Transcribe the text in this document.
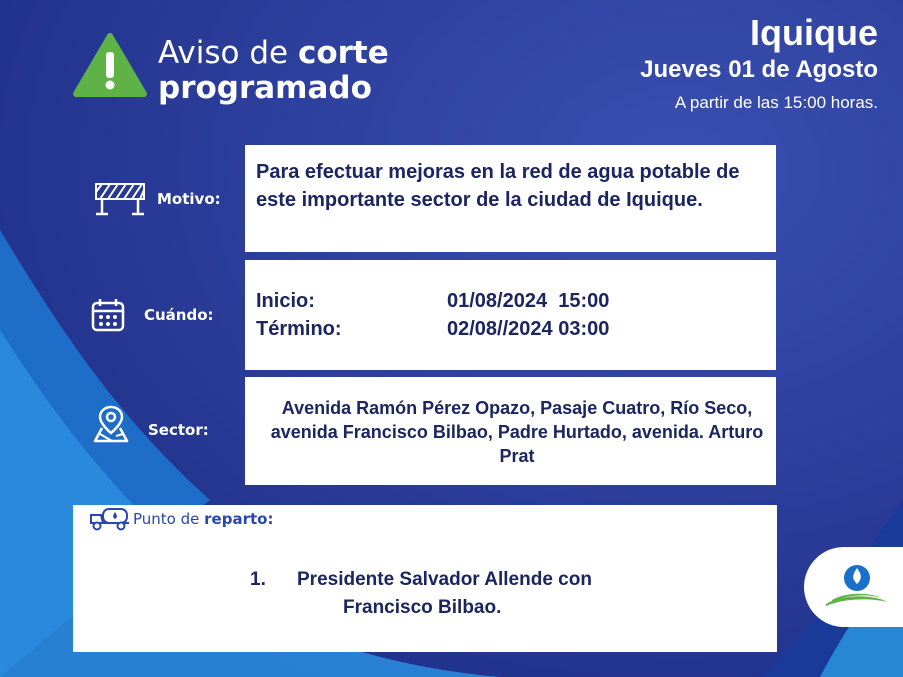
Aviso de corte
programado
Iquique
Jueves 01 de Agosto
A partir de las 15:00 horas.
Motivo:
Para efectuar mejoras en la red de agua potable de este importante sector de la ciudad de Iquique.
Cuándo:
Inicio:	01/08/2024  15:00
Término:	02/08//2024 03:00
Sector:
Avenida Ramón Pérez Opazo, Pasaje Cuatro, Río Seco, avenida Francisco Bilbao, Padre Hurtado, avenida. Arturo Prat
Punto de reparto:
1. Presidente Salvador Allende con
Francisco Bilbao.
